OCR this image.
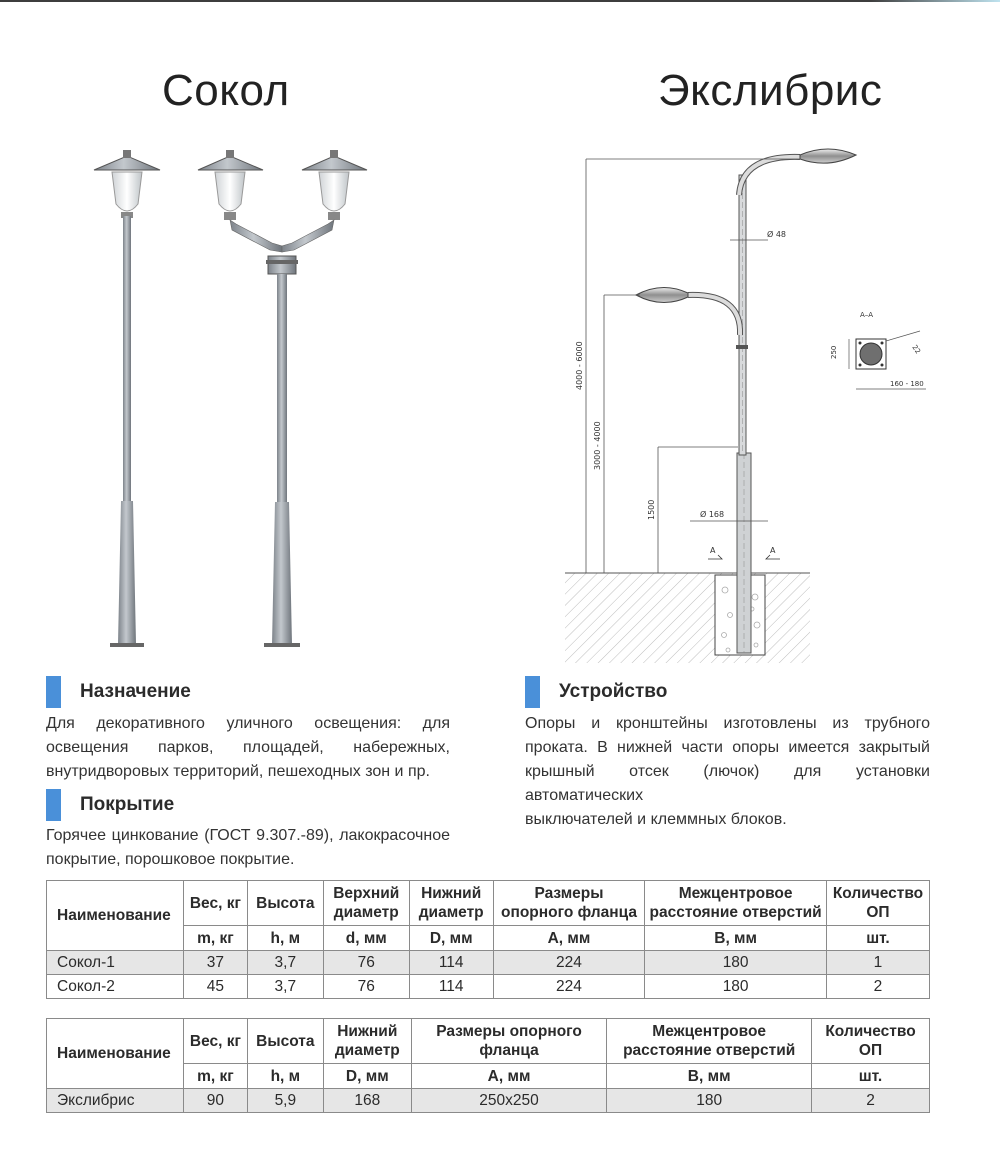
Сокол	Экслибрис
Ø 48
Ø 168
4000 - 6000
3000 - 4000
1500
А	А
А–А
250	22
160 - 180
Назначение
Для декоративного уличного освещения: для
освещения парков, площадей, набережных,
внутридворовых территорий, пешеходных зон и пр.
Покрытие
Горячее цинкование (ГОСТ 9.307.-89), лакокрасочное
покрытие, порошковое покрытие.
Устройство
Опоры и кронштейны изготовлены из трубного
проката. В нижней части опоры имеется закрытый
крышный отсек (лючок) для установки автоматических
выключателей и клеммных блоков.
Наименование	Вес, кг	Высота	Верхний диаметр	Нижний диаметр	Размеры опорного фланца	Межцентровое расстояние отверстий	Количество ОП
	m, кг	h, м	d, мм	D, мм	А, мм	В, мм	шт.
Сокол-1	37	3,7	76	114	224	180	1
Сокол-2	45	3,7	76	114	224	180	2
Наименование	Вес, кг	Высота	Нижний диаметр	Размеры опорного фланца	Межцентровое расстояние отверстий	Количество ОП
	m, кг	h, м	D, мм	А, мм	В, мм	шт.
Экслибрис	90	5,9	168	250x250	180	2
